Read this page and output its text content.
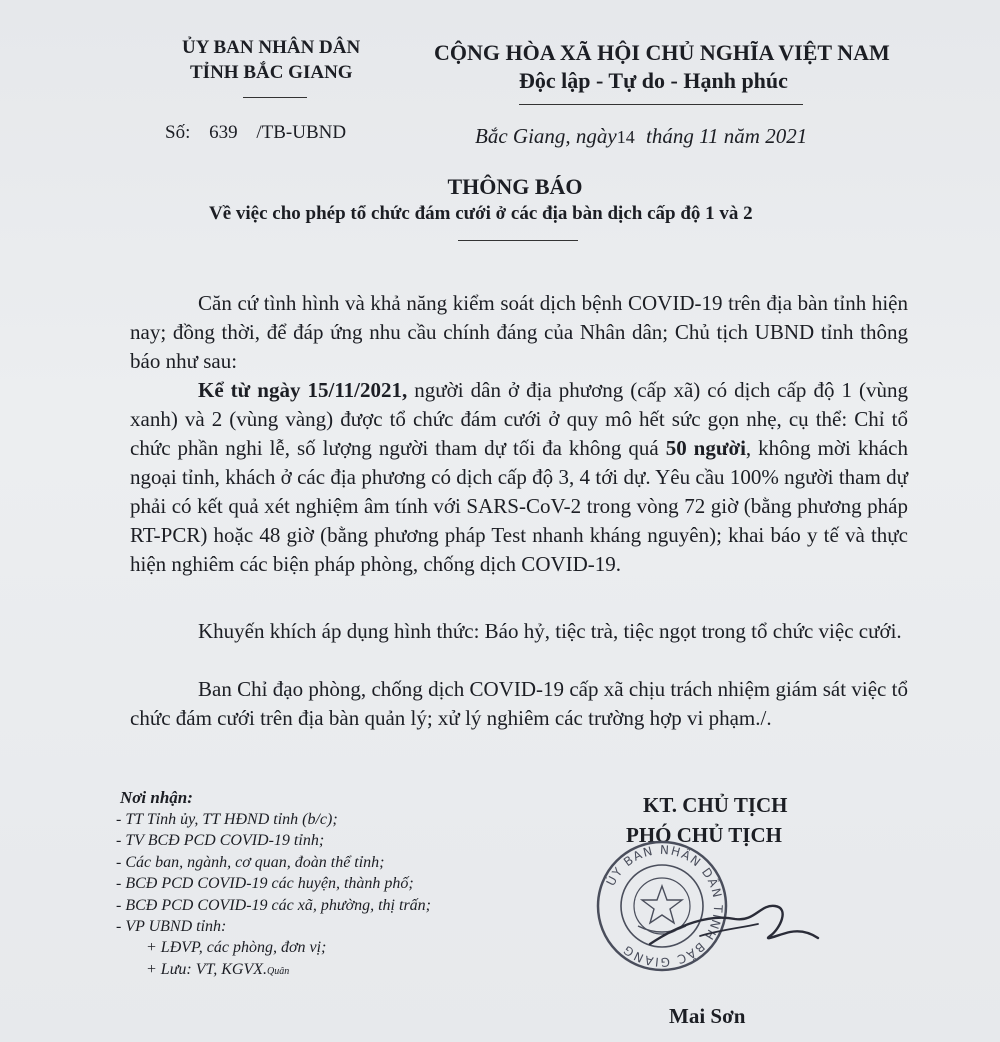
ỦY BAN NHÂN DÂN
TỈNH BẮC GIANG
CỘNG HÒA XÃ HỘI CHỦ NGHĨA VIỆT NAM
Độc lập - Tự do - Hạnh phúc
Số: 639 /TB-UBND	Bắc Giang, ngày14 tháng 11 năm 2021
THÔNG BÁO
Về việc cho phép tổ chức đám cưới ở các địa bàn dịch cấp độ 1 và 2
Căn cứ tình hình và khả năng kiểm soát dịch bệnh COVID-19 trên địa bàn tỉnh hiện nay; đồng thời, để đáp ứng nhu cầu chính đáng của Nhân dân; Chủ tịch UBND tỉnh thông báo như sau:
Kể từ ngày 15/11/2021, người dân ở địa phương (cấp xã) có dịch cấp độ 1 (vùng xanh) và 2 (vùng vàng) được tổ chức đám cưới ở quy mô hết sức gọn nhẹ, cụ thể: Chỉ tổ chức phần nghi lễ, số lượng người tham dự tối đa không quá 50 người, không mời khách ngoại tỉnh, khách ở các địa phương có dịch cấp độ 3, 4 tới dự. Yêu cầu 100% người tham dự phải có kết quả xét nghiệm âm tính với SARS-CoV-2 trong vòng 72 giờ (bằng phương pháp RT-PCR) hoặc 48 giờ (bằng phương pháp Test nhanh kháng nguyên); khai báo y tế và thực hiện nghiêm các biện pháp phòng, chống dịch COVID-19.
Khuyến khích áp dụng hình thức: Báo hỷ, tiệc trà, tiệc ngọt trong tổ chức việc cưới.
Ban Chỉ đạo phòng, chống dịch COVID-19 cấp xã chịu trách nhiệm giám sát việc tổ chức đám cưới trên địa bàn quản lý; xử lý nghiêm các trường hợp vi phạm./.
Nơi nhận:
- TT Tỉnh ủy, TT HĐND tỉnh (b/c);
- TV BCĐ PCD COVID-19 tỉnh;
- Các ban, ngành, cơ quan, đoàn thể tỉnh;
- BCĐ PCD COVID-19 các huyện, thành phố;
- BCĐ PCD COVID-19 các xã, phường, thị trấn;
- VP UBND tỉnh:
+ LĐVP, các phòng, đơn vị;
+ Lưu: VT, KGVX.Quân
KT. CHỦ TỊCH
PHÓ CHỦ TỊCH
ỦY BAN NHÂN DÂN TỈNH BẮC GIANG
Mai Sơn
